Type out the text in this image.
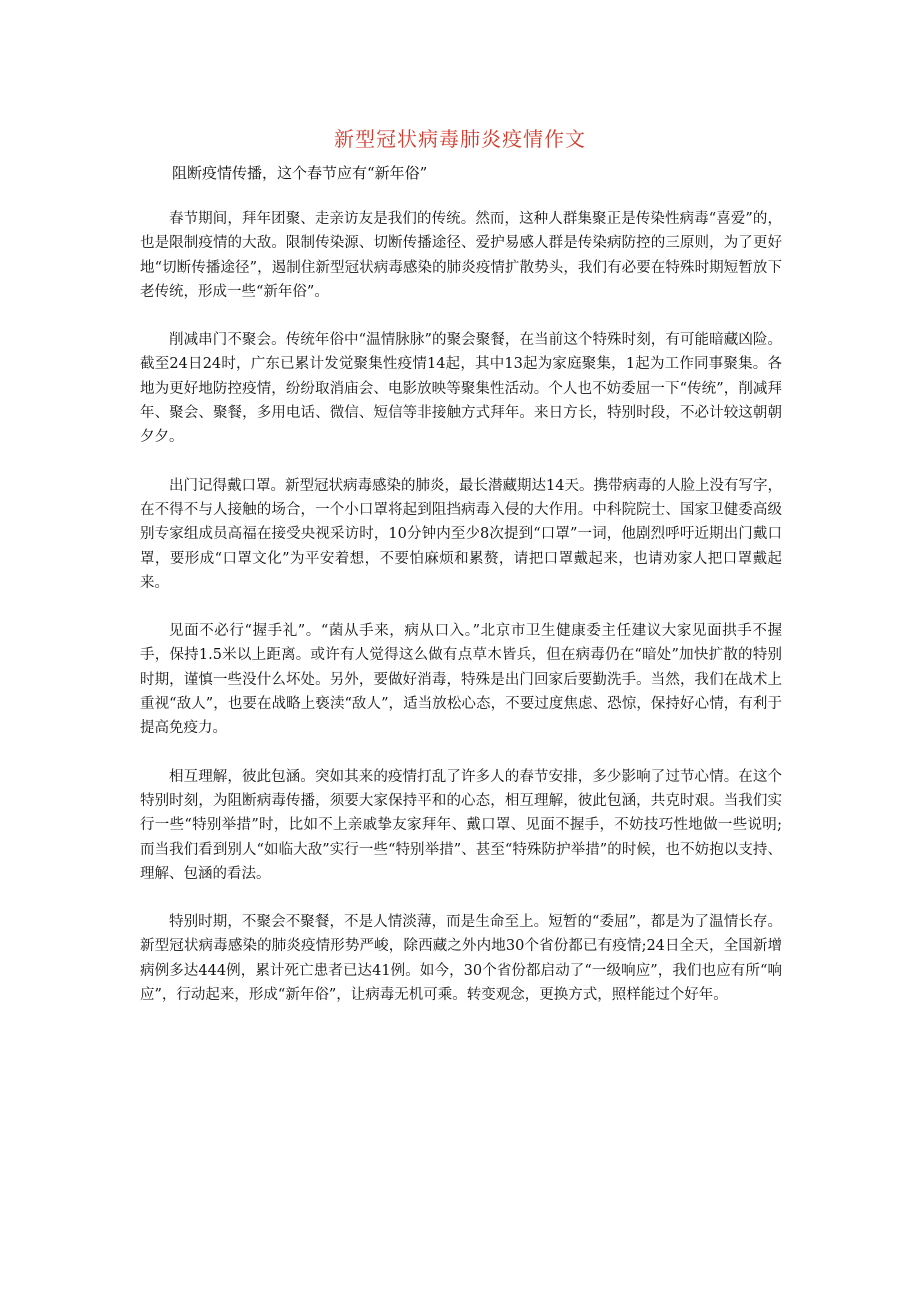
新型冠状病毒肺炎疫情作文

阻断疫情传播，这个春节应有“新年俗”

春节期间，拜年团聚、走亲访友是我们的传统。然而，这种人群集聚正是传染性病毒“喜爱”的，也是限制疫情的大敌。限制传染源、切断传播途径、爱护易感人群是传染病防控的三原则，为了更好地“切断传播途径”，遏制住新型冠状病毒感染的肺炎疫情扩散势头，我们有必要在特殊时期短暂放下老传统，形成一些“新年俗”。

削减串门不聚会。传统年俗中“温情脉脉”的聚会聚餐，在当前这个特殊时刻，有可能暗藏凶险。截至24日24时，广东已累计发觉聚集性疫情14起，其中13起为家庭聚集，1起为工作同事聚集。各地为更好地防控疫情，纷纷取消庙会、电影放映等聚集性活动。个人也不妨委屈一下“传统”，削减拜年、聚会、聚餐，多用电话、微信、短信等非接触方式拜年。来日方长，特别时段，不必计较这朝朝夕夕。

出门记得戴口罩。新型冠状病毒感染的肺炎，最长潜藏期达14天。携带病毒的人脸上没有写字，在不得不与人接触的场合，一个小口罩将起到阻挡病毒入侵的大作用。中科院院士、国家卫健委高级别专家组成员高福在接受央视采访时，10分钟内至少8次提到“口罩”一词，他剧烈呼吁近期出门戴口罩，要形成“口罩文化”为平安着想，不要怕麻烦和累赘，请把口罩戴起来，也请劝家人把口罩戴起来。

见面不必行“握手礼”。“菌从手来，病从口入。”北京市卫生健康委主任建议大家见面拱手不握手，保持1.5米以上距离。或许有人觉得这么做有点草木皆兵，但在病毒仍在“暗处”加快扩散的特别时期，谨慎一些没什么坏处。另外，要做好消毒，特殊是出门回家后要勤洗手。当然，我们在战术上重视“敌人”，也要在战略上亵渎“敌人”，适当放松心态，不要过度焦虑、恐惊，保持好心情，有利于提高免疫力。

相互理解，彼此包涵。突如其来的疫情打乱了许多人的春节安排，多少影响了过节心情。在这个特别时刻，为阻断病毒传播，须要大家保持平和的心态，相互理解，彼此包涵，共克时艰。当我们实行一些“特别举措”时，比如不上亲戚挚友家拜年、戴口罩、见面不握手，不妨技巧性地做一些说明;而当我们看到别人“如临大敌”实行一些“特别举措”、甚至“特殊防护举措”的时候，也不妨抱以支持、理解、包涵的看法。

特别时期，不聚会不聚餐，不是人情淡薄，而是生命至上。短暂的“委屈”，都是为了温情长存。新型冠状病毒感染的肺炎疫情形势严峻，除西藏之外内地30个省份都已有疫情;24日全天，全国新增病例多达444例，累计死亡患者已达41例。如今，30个省份都启动了“一级响应”，我们也应有所“响应”，行动起来，形成“新年俗”，让病毒无机可乘。转变观念，更换方式，照样能过个好年。
